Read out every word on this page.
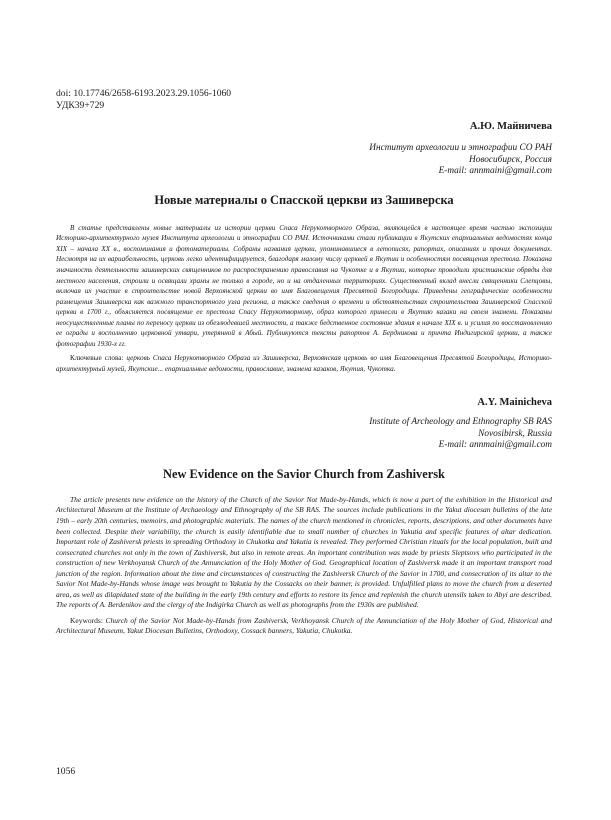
doi: 10.17746/2658-6193.2023.29.1056-1060
УДК39+729
А.Ю. Майничева
Институт археологии и этнографии СО РАН
Новосибирск, Россия
E-mail: annmaini@gmail.com
Новые материалы о Спасской церкви из Зашиверска

В статье представлены новые материалы из истории церкви Спаса Нерукотворного Образа, являющейся в настоящее время частью экспозиции Историко-архитектурного музея Института археологии и этнографии СО РАН. Источниками стали публикации в Якутских епархиальных ведомостях конца XIX – начала XX в., воспоминания и фотоматериалы. Собраны названия церкви, упоминавшиеся в летописях, рапортах, описаниях и прочих документах. Несмотря на их вариабельность, церковь легко идентифицируется, благодаря малому числу церквей в Якутии и особенностям посвящения престола. Показана значимость деятельности зашиверских священников по распространению православия на Чукотке и в Якутии, которые проводили христианские обряды для местного населения, строили и освящали храмы не только в городе, но и на отдаленных территориях. Существенный вклад внесли священники Слепцовы, включая их участие в строительстве новой Верхоянской церкви во имя Благовещения Пресвятой Богородицы. Приведены географические особенности размещения Зашиверска как важного транспортного узла региона, а также сведения о времени и обстоятельствах строительства Зашиверской Спасской церкви в 1700 г., объясняется посвящение ее престола Спасу Нерукотворному, образ которого принесли в Якутию казаки на своем знамени. Показаны неосуществленные планы по переносу церкви из обезлюдевшей местности, а также бедственное состояние здания в начале XIX в. и усилия по восстановлению ее ограды и восполнению церковной утвари, утерянной в Абый. Публикуются тексты рапортов А. Бердникова и причта Индигирской церкви, а также фотографии 1930-х гг.

Ключевые слова: церковь Спаса Нерукотворного Образа из Зашиверска, Верхоянская церковь во имя Благовещения Пресвятой Богородицы, Историко-архитектурный музей, Якутские... епархиальные ведомости, православие, знамена казаков, Якутия, Чукотка.

A.Y. Mainicheva
Institute of Archeology and Ethnography SB RAS
Novosibirsk, Russia
E-mail: annmaini@gmail.com
New Evidence on the Savior Church from Zashiversk

The article presents new evidence on the history of the Church of the Savior Not Made-by-Hands, which is now a part of the exhibition in the Historical and Architectural Museum at the Institute of Archaeology and Ethnography of the SB RAS. The sources include publications in the Yakut diocesan bulletins of the late 19th – early 20th centuries, memoirs, and photographic materials. The names of the church mentioned in chronicles, reports, descriptions, and other documents have been collected. Despite their variability, the church is easily identifiable due to small number of churches in Yakutia and specific features of altar dedication. Important role of Zashiversk priests in spreading Orthodoxy in Chukotka and Yakutia is revealed. They performed Christian rituals for the local population, built and consecrated churches not only in the town of Zashiversk, but also in remote areas. An important contribution was made by priests Sleptsovs who participated in the construction of new Verkhoyansk Church of the Annunciation of the Holy Mother of God. Geographical location of Zashiversk made it an important transport road junction of the region. Information about the time and circumstances of constructing the Zashiversk Church of the Savior in 1700, and consecration of its altar to the Savior Not Made-by-Hands whose image was brought to Yakutia by the Cossacks on their banner, is provided. Unfulfilled plans to move the church from a deserted area, as well as dilapidated state of the building in the early 19th century and efforts to restore its fence and replenish the church utensils taken to Abyi are described. The reports of A. Berdenikov and the clergy of the Indigirka Church as well as photographs from the 1930s are published.

Keywords: Church of the Savior Not Made-by-Hands from Zashiversk, Verkhoyansk Church of the Annunciation of the Holy Mother of God, Historical and Architectural Museum, Yakut Diocesan Bulletins, Orthodoxy, Cossack banners, Yakutia, Chukotka.

1056
